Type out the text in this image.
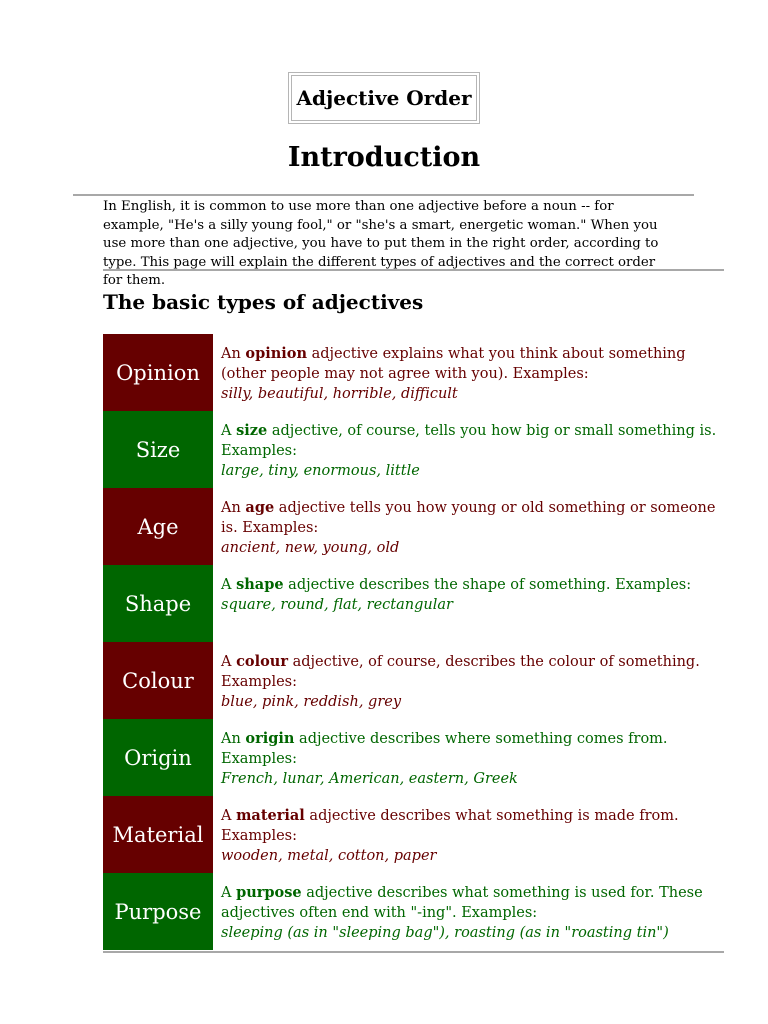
Adjective Order
Introduction
In English, it is common to use more than one adjective before a noun -- for example, "He's a silly young fool," or "she's a smart, energetic woman." When you use more than one adjective, you have to put them in the right order, according to type. This page will explain the different types of adjectives and the correct order for them.
The basic types of adjectives
Opinion
An opinion adjective explains what you think about something (other people may not agree with you). Examples:
silly, beautiful, horrible, difficult
Size
A size adjective, of course, tells you how big or small something is. Examples:
large, tiny, enormous, little
Age
An age adjective tells you how young or old something or someone is. Examples:
ancient, new, young, old
Shape
A shape adjective describes the shape of something. Examples:
square, round, flat, rectangular
Colour
A colour adjective, of course, describes the colour of something. Examples:
blue, pink, reddish, grey
Origin
An origin adjective describes where something comes from. Examples:
French, lunar, American, eastern, Greek
Material
A material adjective describes what something is made from. Examples:
wooden, metal, cotton, paper
Purpose
A purpose adjective describes what something is used for. These adjectives often end with "-ing". Examples:
sleeping (as in "sleeping bag"), roasting (as in "roasting tin")
